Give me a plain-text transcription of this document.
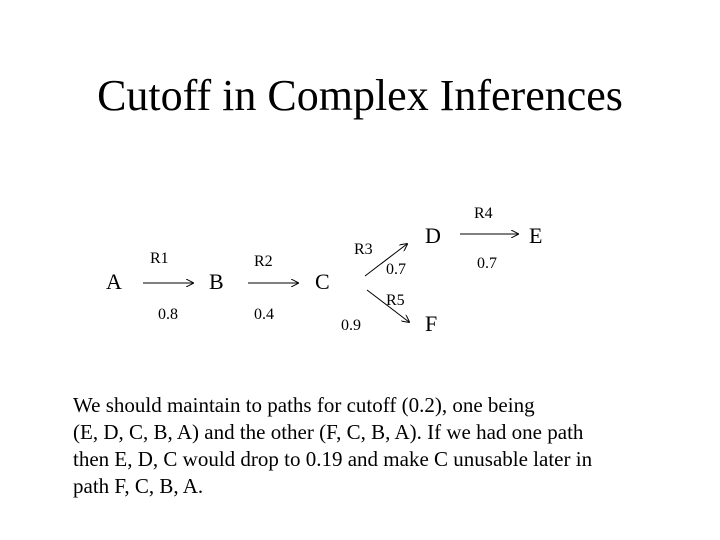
Cutoff in Complex Inferences
A	B	C
D	E
F
R1	R2
R3
R4
R5
0.8	0.4
0.7	0.7
0.9
We should maintain to paths for cutoff (0.2), one being
(E, D, C, B, A) and the other (F, C, B, A). If we had one path
then E, D, C would drop to 0.19 and make C unusable later in
path F, C, B, A.
